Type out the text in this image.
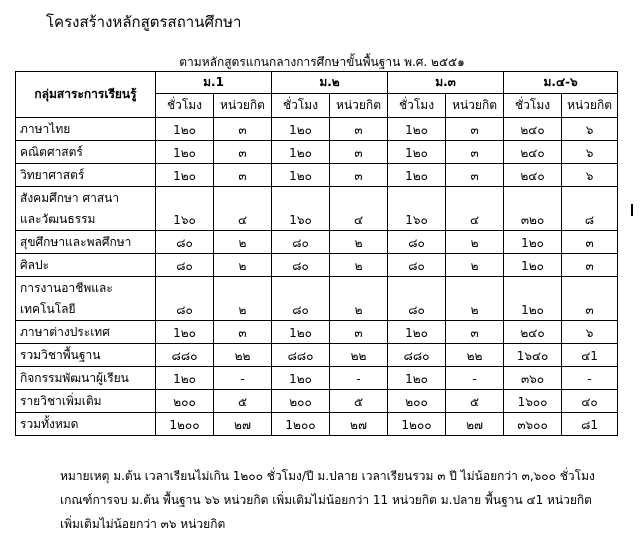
โครงสร้างหลักสูตรสถานศึกษา
ตามหลักสูตรแกนกลางการศึกษาขั้นพื้นฐาน พ.ศ. ๒๕๕๑
กลุ่มสาระการเรียนรู้	ม.1		ม.๒		ม.๓		ม.๔-๖	
	ชั่วโมง	หน่วยกิต	ชั่วโมง	หน่วยกิต	ชั่วโมง	หน่วยกิต	ชั่วโมง	หน่วยกิต

ภาษาไทย	1๒๐	๓	1๒๐	๓	1๒๐	๓	๒๔๐	๖

คณิตศาสตร์	1๒๐	๓	1๒๐	๓	1๒๐	๓	๒๔๐	๖

วิทยาศาสตร์	1๒๐	๓	1๒๐	๓	1๒๐	๓	๒๔๐	๖

สังคมศึกษา ศาสนา
และวัฒนธรรม	1๖๐	๔	1๖๐	๔	1๖๐	๔	๓๒๐	๘

สุขศึกษาและพลศึกษา	๘๐	๒	๘๐	๒	๘๐	๒	1๒๐	๓

ศิลปะ	๘๐	๒	๘๐	๒	๘๐	๒	1๒๐	๓

การงานอาชีพและ
เทคโนโลยี	๘๐	๒	๘๐	๒	๘๐	๒	1๒๐	๓

ภาษาต่างประเทศ	1๒๐	๓	1๒๐	๓	1๒๐	๓	๒๔๐	๖

รวมวิชาพื้นฐาน	๘๘๐	๒๒	๘๘๐	๒๒	๘๘๐	๒๒	1๖๔๐	๔1

กิจกรรมพัฒนาผู้เรียน	1๒๐	-	1๒๐	-	1๒๐	-	๓๖๐	-

รายวิชาเพิ่มเติม	๒๐๐	๕	๒๐๐	๕	๒๐๐	๕	1๖๐๐	๔๐

รวมทั้งหมด	1๒๐๐	๒๗	1๒๐๐	๒๗	1๒๐๐	๒๗	๓๖๐๐	๘1
หมายเหตุ ม.ต้น เวลาเรียนไม่เกิน 1๒๐๐ ชั่วโมง/ปี ม.ปลาย เวลาเรียนรวม ๓ ปี ไม่น้อยกว่า ๓,๖๐๐ ชั่วโมง
เกณฑ์การจบ ม.ต้น พื้นฐาน ๖๖ หน่วยกิต เพิ่มเติมไม่น้อยกว่า 11 หน่วยกิต ม.ปลาย พื้นฐาน ๔1 หน่วยกิต
เพิ่มเติมไม่น้อยกว่า ๓๖ หน่วยกิต
